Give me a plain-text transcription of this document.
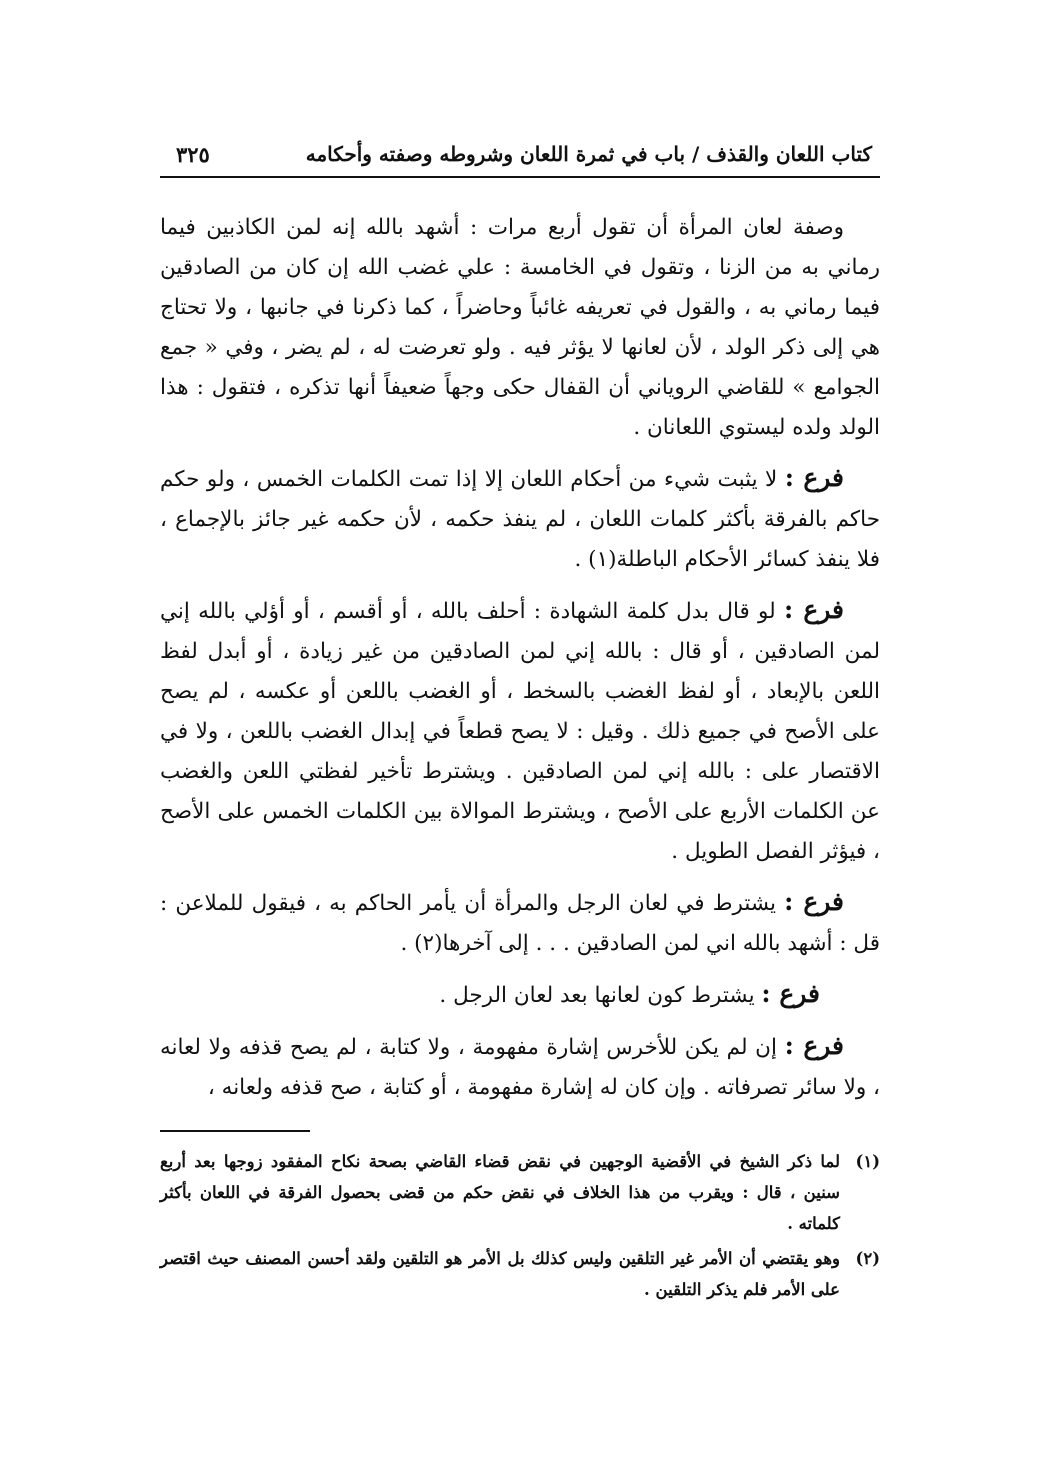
كتاب اللعان والقذف / باب في ثمرة اللعان وشروطه وصفته وأحكامه
٣٢٥

وصفة لعان المرأة أن تقول أربع مرات : أشهد بالله إنه لمن الكاذبين فيما رماني به من الزنا ، وتقول في الخامسة : علي غضب الله إن كان من الصادقين فيما رماني به ، والقول في تعريفه غائباً وحاضراً ، كما ذكرنا في جانبها ، ولا تحتاج هي إلى ذكر الولد ، لأن لعانها لا يؤثر فيه . ولو تعرضت له ، لم يضر ، وفي « جمع الجوامع » للقاضي الروياني أن القفال حكى وجهاً ضعيفاً أنها تذكره ، فتقول : هذا الولد ولده ليستوي اللعانان .

فرع : لا يثبت شيء من أحكام اللعان إلا إذا تمت الكلمات الخمس ، ولو حكم حاكم بالفرقة بأكثر كلمات اللعان ، لم ينفذ حكمه ، لأن حكمه غير جائز بالإجماع ، فلا ينفذ كسائر الأحكام الباطلة(١) .

فرع : لو قال بدل كلمة الشهادة : أحلف بالله ، أو أقسم ، أو أؤلي بالله إني لمن الصادقين ، أو قال : بالله إني لمن الصادقين من غير زيادة ، أو أبدل لفظ اللعن بالإبعاد ، أو لفظ الغضب بالسخط ، أو الغضب باللعن أو عكسه ، لم يصح على الأصح في جميع ذلك . وقيل : لا يصح قطعاً في إبدال الغضب باللعن ، ولا في الاقتصار على : بالله إني لمن الصادقين . ويشترط تأخير لفظتي اللعن والغضب عن الكلمات الأربع على الأصح ، ويشترط الموالاة بين الكلمات الخمس على الأصح ، فيؤثر الفصل الطويل .

فرع : يشترط في لعان الرجل والمرأة أن يأمر الحاكم به ، فيقول للملاعن : قل : أشهد بالله اني لمن الصادقين . . . إلى آخرها(٢) .

فرع : يشترط كون لعانها بعد لعان الرجل .

فرع : إن لم يكن للأخرس إشارة مفهومة ، ولا كتابة ، لم يصح قذفه ولا لعانه ، ولا سائر تصرفاته . وإن كان له إشارة مفهومة ، أو كتابة ، صح قذفه ولعانه ،

(١)
لما ذكر الشيخ في الأقضية الوجهين في نقض قضاء القاضي بصحة نكاح المفقود زوجها بعد أربع سنين ، قال : ويقرب من هذا الخلاف في نقض حكم من قضى بحصول الفرقة في اللعان بأكثر كلماته .

(٢)
وهو يقتضي أن الأمر غير التلقين وليس كذلك بل الأمر هو التلقين ولقد أحسن المصنف حيث اقتصر على الأمر فلم يذكر التلقين .
